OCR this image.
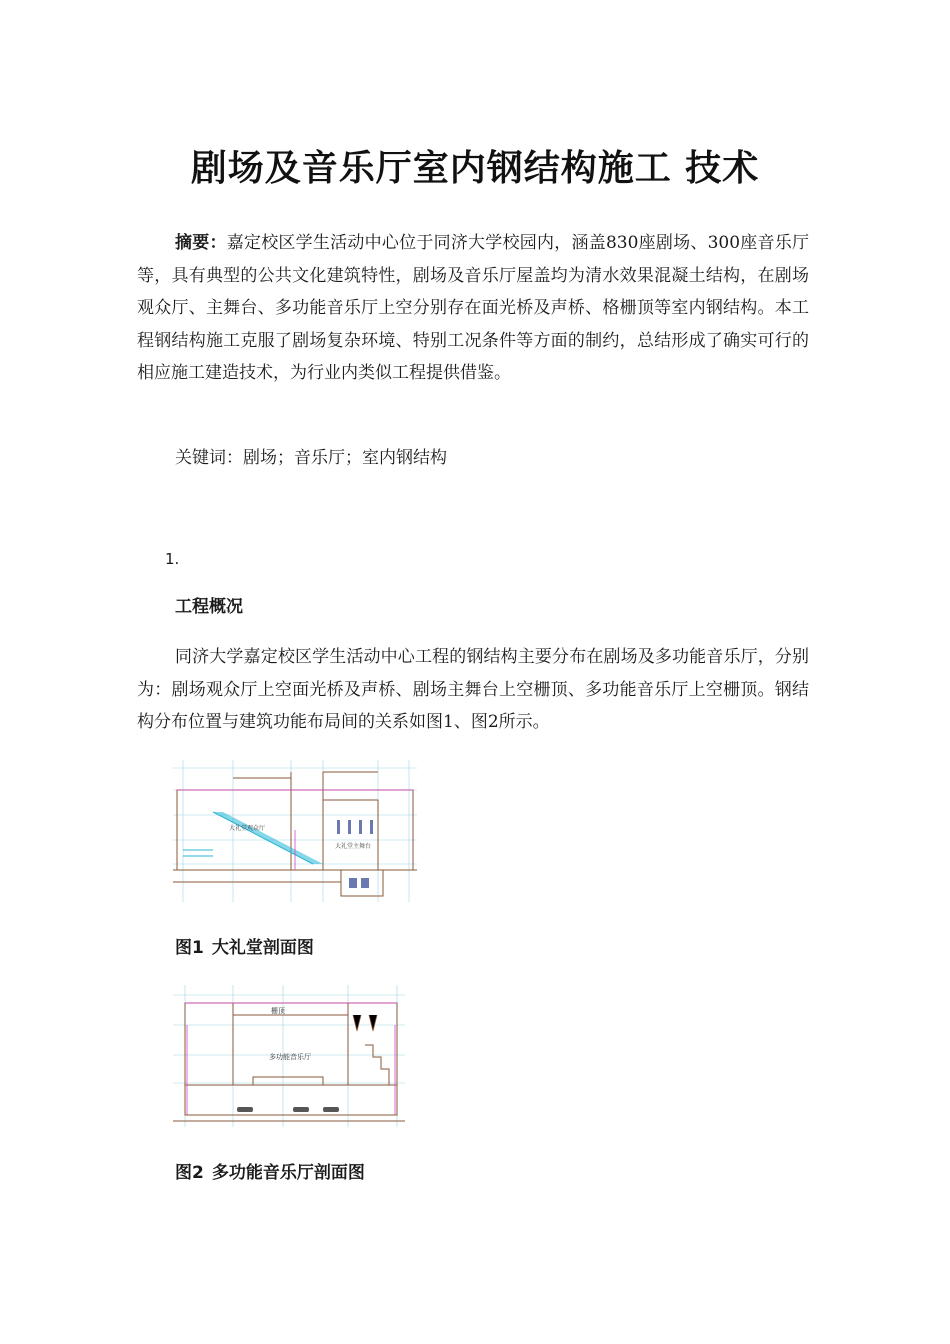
剧场及音乐厅室内钢结构施工 技术

摘要：嘉定校区学生活动中心位于同济大学校园内，涵盖830座剧场、300座音乐厅等，具有典型的公共文化建筑特性，剧场及音乐厅屋盖均为清水效果混凝土结构，在剧场观众厅、主舞台、多功能音乐厅上空分别存在面光桥及声桥、格栅顶等室内钢结构。本工程钢结构施工克服了剧场复杂环境、特别工况条件等方面的制约，总结形成了确实可行的相应施工建造技术，为行业内类似工程提供借鉴。

关键词：剧场；音乐厅；室内钢结构

1.
工程概况

同济大学嘉定校区学生活动中心工程的钢结构主要分布在剧场及多功能音乐厅，分别为：剧场观众厅上空面光桥及声桥、剧场主舞台上空栅顶、多功能音乐厅上空栅顶。钢结构分布位置与建筑功能布局间的关系如图1、图2所示。

大礼堂观众厅
大礼堂主舞台
图1 大礼堂剖面图
栅顶
多功能音乐厅
图2 多功能音乐厅剖面图
